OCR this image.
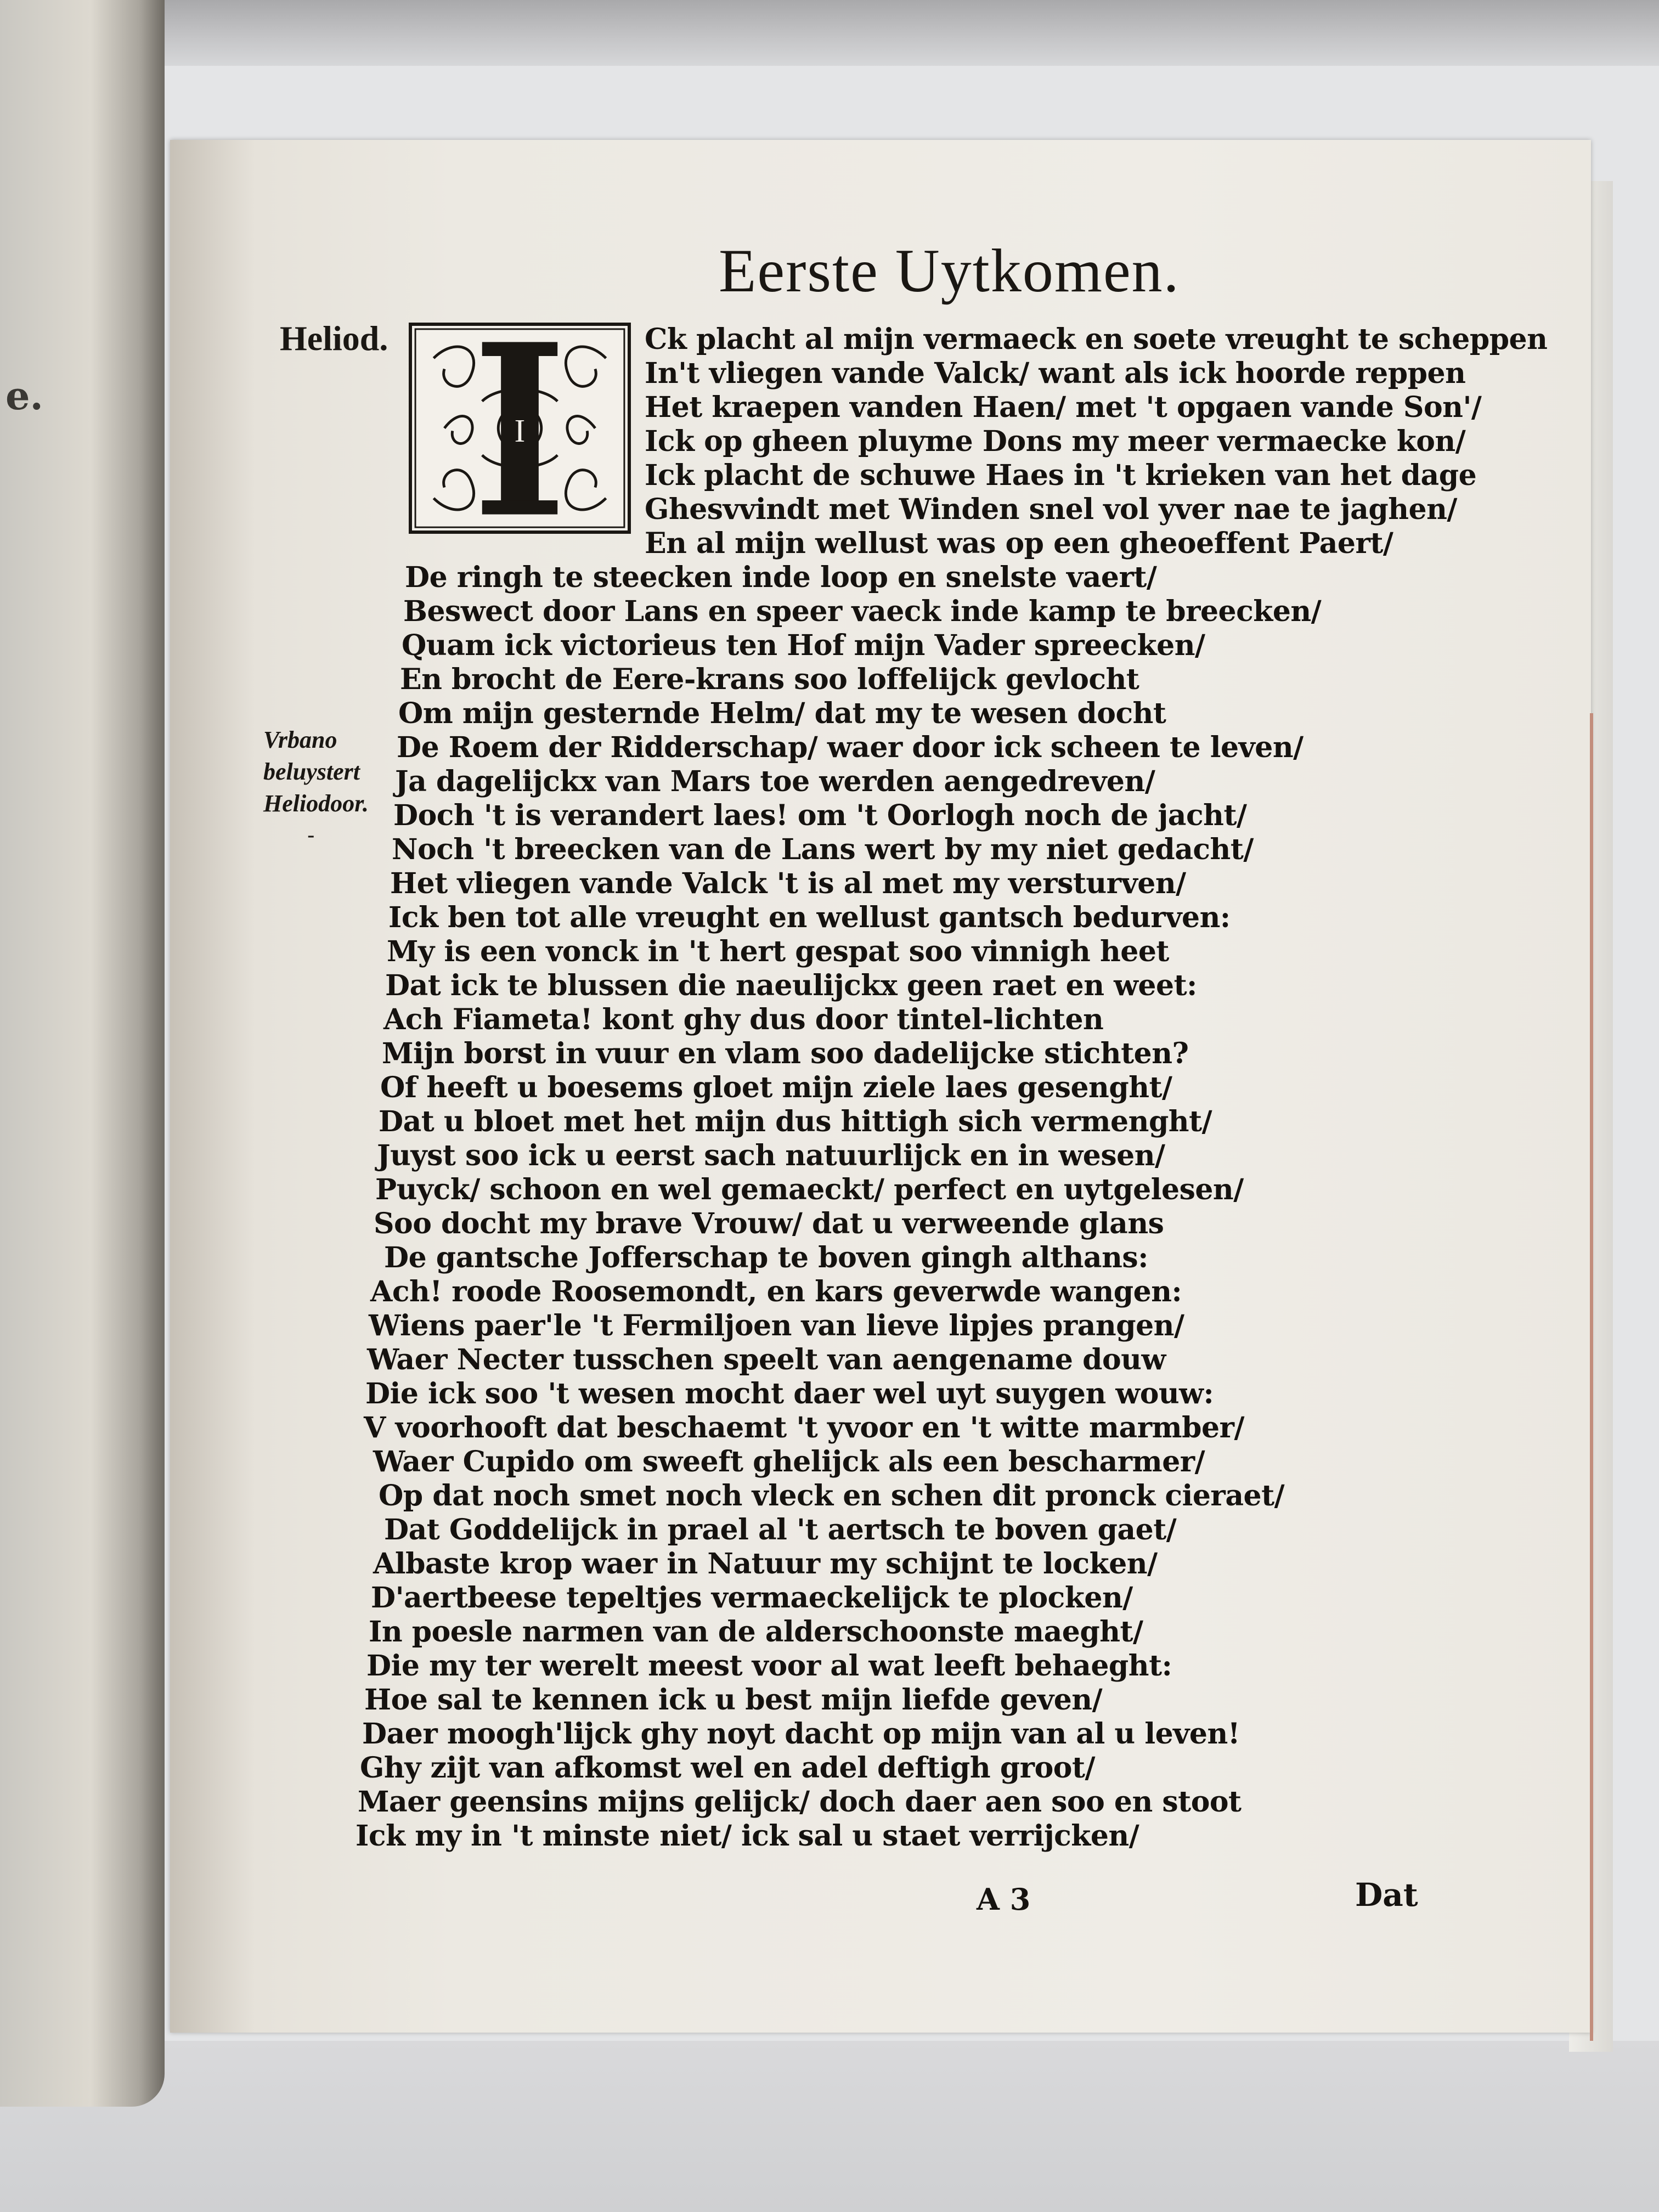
e.
Eerste Uytkomen.
Heliod.
Vrbano beluystert Heliodoor.
-
I
Ck placht al mijn vermaeck en soete vreught te scheppen
In't vliegen vande Valck/ want als ick hoorde reppen
Het kraepen vanden Haen/ met 't opgaen vande Son'/
Ick op gheen pluyme Dons my meer vermaecke kon/
Ick placht de schuwe Haes in 't krieken van het dage
Ghesvvindt met Winden snel vol yver nae te jaghen/
En al mijn wellust was op een gheoeffent Paert/
De ringh te steecken inde loop en snelste vaert/
Beswect door Lans en speer vaeck inde kamp te breecken/
Quam ick victorieus ten Hof mijn Vader spreecken/
En brocht de Eere-krans soo loffelijck gevlocht
Om mijn gesternde Helm/ dat my te wesen docht
De Roem der Ridderschap/ waer door ick scheen te leven/
Ja dagelijckx van Mars toe werden aengedreven/
Doch 't is verandert laes! om 't Oorlogh noch de jacht/
Noch 't breecken van de Lans wert by my niet gedacht/
Het vliegen vande Valck 't is al met my versturven/
Ick ben tot alle vreught en wellust gantsch bedurven:
My is een vonck in 't hert gespat soo vinnigh heet
Dat ick te blussen die naeulijckx geen raet en weet:
Ach Fiameta! kont ghy dus door tintel-lichten
Mijn borst in vuur en vlam soo dadelijcke stichten?
Of heeft u boesems gloet mijn ziele laes gesenght/
Dat u bloet met het mijn dus hittigh sich vermenght/
Juyst soo ick u eerst sach natuurlijck en in wesen/
Puyck/ schoon en wel gemaeckt/ perfect en uytgelesen/
Soo docht my brave Vrouw/ dat u verweende glans
De gantsche Jofferschap te boven gingh althans:
Ach! roode Roosemondt, en kars geverwde wangen:
Wiens paer'le 't Fermiljoen van lieve lipjes prangen/
Waer Necter tusschen speelt van aengename douw
Die ick soo 't wesen mocht daer wel uyt suygen wouw:
V voorhooft dat beschaemt 't yvoor en 't witte marmber/
Waer Cupido om sweeft ghelijck als een bescharmer/
Op dat noch smet noch vleck en schen dit pronck cieraet/
Dat Goddelijck in prael al 't aertsch te boven gaet/
Albaste krop waer in Natuur my schijnt te locken/
D'aertbeese tepeltjes vermaeckelijck te plocken/
In poesle narmen van de alderschoonste maeght/
Die my ter werelt meest voor al wat leeft behaeght:
Hoe sal te kennen ick u best mijn liefde geven/
Daer moogh'lijck ghy noyt dacht op mijn van al u leven!
Ghy zijt van afkomst wel en adel deftigh groot/
Maer geensins mijns gelijck/ doch daer aen soo en stoot
Ick my in 't minste niet/ ick sal u staet verrijcken/
A 3	Dat
